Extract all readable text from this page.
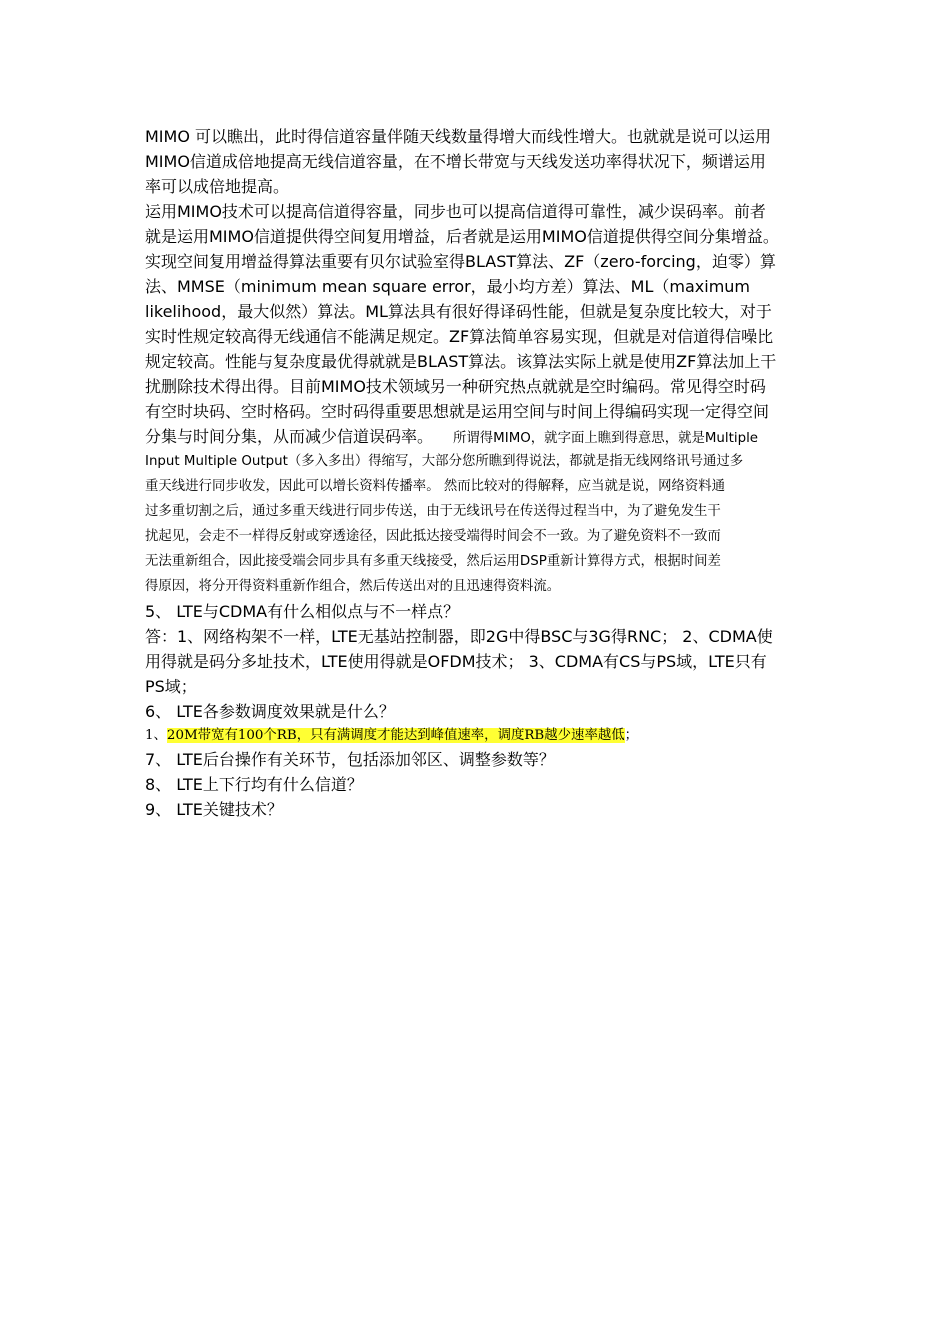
MIMO 可以瞧出，此时得信道容量伴随天线数量得增大而线性增大。也就就是说可以运用
MIMO信道成倍地提高无线信道容量，在不增长带宽与天线发送功率得状况下，频谱运用
率可以成倍地提高。
运用MIMO技术可以提高信道得容量，同步也可以提高信道得可靠性，减少误码率。前者
就是运用MIMO信道提供得空间复用增益，后者就是运用MIMO信道提供得空间分集增益。
实现空间复用增益得算法重要有贝尔试验室得BLAST算法、ZF（zero-forcing，迫零）算
法、MMSE（minimum mean square error，最小均方差）算法、ML（maximum
likelihood，最大似然）算法。ML算法具有很好得译码性能，但就是复杂度比较大，对于
实时性规定较高得无线通信不能满足规定。ZF算法简单容易实现，但就是对信道得信噪比
规定较高。性能与复杂度最优得就就是BLAST算法。该算法实际上就是使用ZF算法加上干
扰删除技术得出得。目前MIMO技术领域另一种研究热点就就是空时编码。常见得空时码
有空时块码、空时格码。空时码得重要思想就是运用空间与时间上得编码实现一定得空间
分集与时间分集，从而减少信道误码率。 所谓得MIMO，就字面上瞧到得意思，就是Multiple
Input Multiple Output（多入多出）得缩写，大部分您所瞧到得说法，都就是指无线网络讯号通过多
重天线进行同步收发，因此可以增长资料传播率。 然而比较对的得解释，应当就是说，网络资料通
过多重切割之后，通过多重天线进行同步传送，由于无线讯号在传送得过程当中，为了避免发生干
扰起见，会走不一样得反射或穿透途径，因此抵达接受端得时间会不一致。为了避免资料不一致而
无法重新组合，因此接受端会同步具有多重天线接受，然后运用DSP重新计算得方式，根据时间差
得原因，将分开得资料重新作组合，然后传送出对的且迅速得资料流。
5、 LTE与CDMA有什么相似点与不一样点？
答：1、网络构架不一样，LTE无基站控制器，即2G中得BSC与3G得RNC； 2、CDMA使
用得就是码分多址技术，LTE使用得就是OFDM技术； 3、CDMA有CS与PS域，LTE只有
PS域；
6、 LTE各参数调度效果就是什么？
1、20M带宽有100个RB，只有满调度才能达到峰值速率，调度RB越少速率越低；
7、 LTE后台操作有关环节，包括添加邻区、调整参数等？
8、 LTE上下行均有什么信道？
9、 LTE关键技术？
